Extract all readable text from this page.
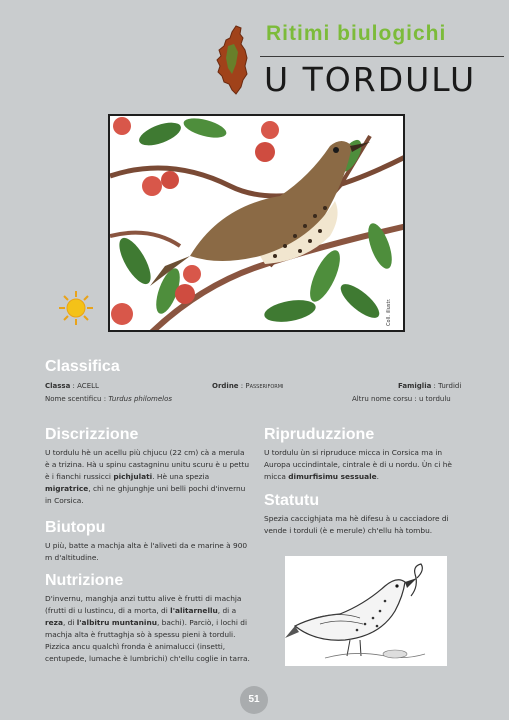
Ritimi biulogichi
U TORDULU
Coll. illustr.
Classifica
Classa : ACELL	Ordine : Passeriformi	Famiglia : Turdidi
Nome scentificu : Turdus philomelos	Altru nome corsu : u tordulu
Discrizzione
U tordulu hè un acellu più chjucu (22 cm) cà a merula è a trizina. Hà u spinu castagninu unitu scuru è u pettu è i fianchi russicci pichjulati. Hè una spezia migratrice, chì ne ghjunghje uni belli pochi d'invernu in Corsica.
Biutopu
U più, batte a machja alta è l'aliveti da e marine à 900 m d'altitudine.
Nutrizione
D'invernu, manghja anzi tuttu alive è frutti di machja (frutti di u lustincu, di a morta, di l'alitarnellu, di a reza, di l'albitru muntaninu, bachi). Parciò, i lochi di machja alta è fruttaghja sò à spessu pieni à torduli. Pizzica ancu qualchì fronda è animalucci (insetti, centupede, lumache è lumbrichi) ch'ellu coglie in tarra.
Ripruduzzione
U tordulu ùn si ripruduce micca in Corsica ma in Auropa uccindintale, cintrale è di u nordu. Ùn ci hè micca dimurfisimu sessuale.
Statutu
Spezia caccighjata ma hè difesu à u cacciadore di vende i torduli (è e merule) ch'ellu hà tombu.
51
